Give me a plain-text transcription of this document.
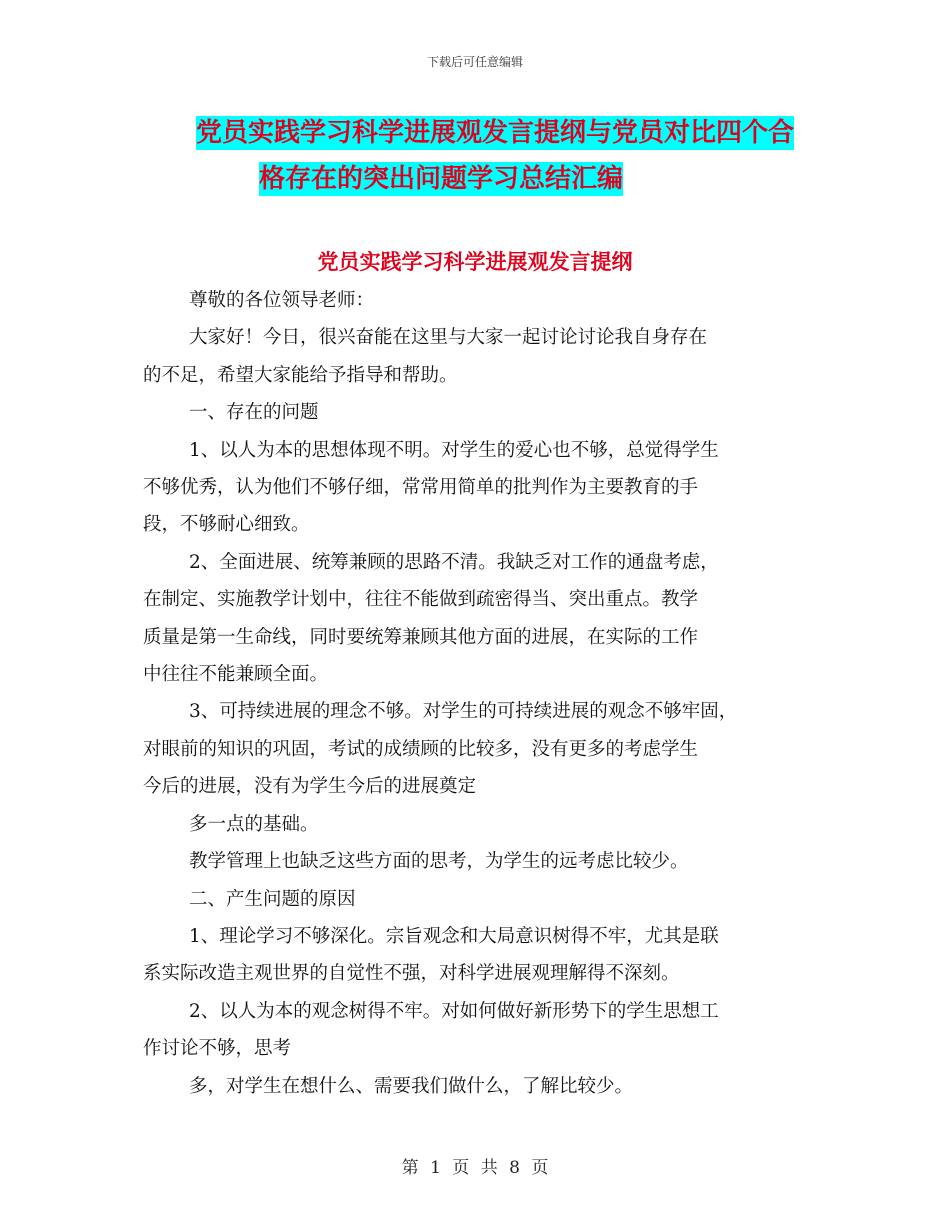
下载后可任意编辑
党员实践学习科学进展观发言提纲与党员对比四个合
格存在的突出问题学习总结汇编
党员实践学习科学进展观发言提纲

尊敬的各位领导老师：

大家好！今日，很兴奋能在这里与大家一起讨论讨论我自身存在

的不足，希望大家能给予指导和帮助。

一、存在的问题

1、以人为本的思想体现不明。对学生的爱心也不够，总觉得学生

不够优秀，认为他们不够仔细，常常用简单的批判作为主要教育的手

段，不够耐心细致。

2、全面进展、统筹兼顾的思路不清。我缺乏对工作的通盘考虑，

在制定、实施教学计划中，往往不能做到疏密得当、突出重点。教学

质量是第一生命线，同时要统筹兼顾其他方面的进展，在实际的工作

中往往不能兼顾全面。

3、可持续进展的理念不够。对学生的可持续进展的观念不够牢固，

对眼前的知识的巩固，考试的成绩顾的比较多，没有更多的考虑学生

今后的进展，没有为学生今后的进展奠定

多一点的基础。

教学管理上也缺乏这些方面的思考，为学生的远考虑比较少。

二、产生问题的原因

1、理论学习不够深化。宗旨观念和大局意识树得不牢，尤其是联

系实际改造主观世界的自觉性不强，对科学进展观理解得不深刻。

2、以人为本的观念树得不牢。对如何做好新形势下的学生思想工

作讨论不够，思考

多，对学生在想什么、需要我们做什么，了解比较少。

第 1 页 共 8 页
